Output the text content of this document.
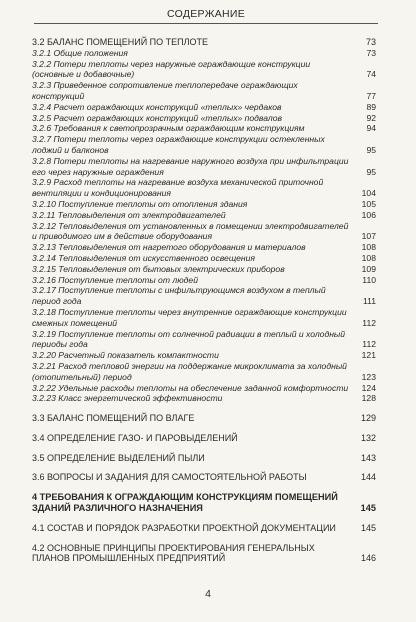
СОДЕРЖАНИЕ
3.2 БАЛАНС ПОМЕЩЕНИЙ ПО ТЕПЛОТЕ	73
3.2.1 Общие положения	73
3.2.2 Потери теплоты через наружные ограждающие конструкции (основные и добавочные)	74
3.2.3 Приведенное сопротивление теплопередаче ограждающих конструкций	77
3.2.4 Расчет ограждающих конструкций «теплых» чердаков	89
3.2.5 Расчет ограждающих конструкций «теплых» подвалов	92
3.2.6 Требования к светопрозрачным ограждающим конструкциям	94
3.2.7 Потери теплоты через ограждающие конструкции остекленных лоджий и балконов	95
3.2.8 Потери теплоты на нагревание наружного воздуха при инфильтрации его через наружные ограждения	95
3.2.9 Расход теплоты на нагревание воздуха механической приточной вентиляции и кондиционирования	104
3.2.10 Поступление теплоты от отопления здания	105
3.2.11 Тепловыделения от электродвигателей	106
3.2.12 Тепловыделения от установленных в помещении электродвигателей и приводимого им в действие оборудования	107
3.2.13 Тепловыделения от нагретого оборудования и материалов	108
3.2.14 Тепловыделения от искусственного освещения	108
3.2.15 Тепловыделения от бытовых электрических приборов	109
3.2.16 Поступление теплоты от людей	110
3.2.17 Поступление теплоты с инфильтрующимся воздухом в теплый период года	111
3.2.18 Поступление теплоты через внутренние ограждающие конструкции смежных помещений	112
3.2.19 Поступление теплоты от солнечной радиации в теплый и холодный периоды года	112
3.2.20 Расчетный показатель компактности	121
3.2.21 Расход тепловой энергии на поддержание микроклимата за холодный (отопительный) период	123
3.2.22 Удельные расходы теплоты на обеспечение заданной комфортности	124
3.2.23 Класс энергетической эффективности	128
3.3 БАЛАНС ПОМЕЩЕНИЙ ПО ВЛАГЕ	129
3.4 ОПРЕДЕЛЕНИЕ ГАЗО- И ПАРОВЫДЕЛЕНИЙ	132
3.5 ОПРЕДЕЛЕНИЕ ВЫДЕЛЕНИЙ ПЫЛИ	143
3.6 ВОПРОСЫ И ЗАДАНИЯ ДЛЯ САМОСТОЯТЕЛЬНОЙ РАБОТЫ	144
4 ТРЕБОВАНИЯ К ОГРАЖДАЮЩИМ КОНСТРУКЦИЯМ ПОМЕЩЕНИЙ ЗДАНИЙ РАЗЛИЧНОГО НАЗНАЧЕНИЯ	145
4.1 СОСТАВ И ПОРЯДОК РАЗРАБОТКИ ПРОЕКТНОЙ ДОКУМЕНТАЦИИ	145
4.2 ОСНОВНЫЕ ПРИНЦИПЫ ПРОЕКТИРОВАНИЯ ГЕНЕРАЛЬНЫХ ПЛАНОВ ПРОМЫШЛЕННЫХ ПРЕДПРИЯТИЙ	146
4
